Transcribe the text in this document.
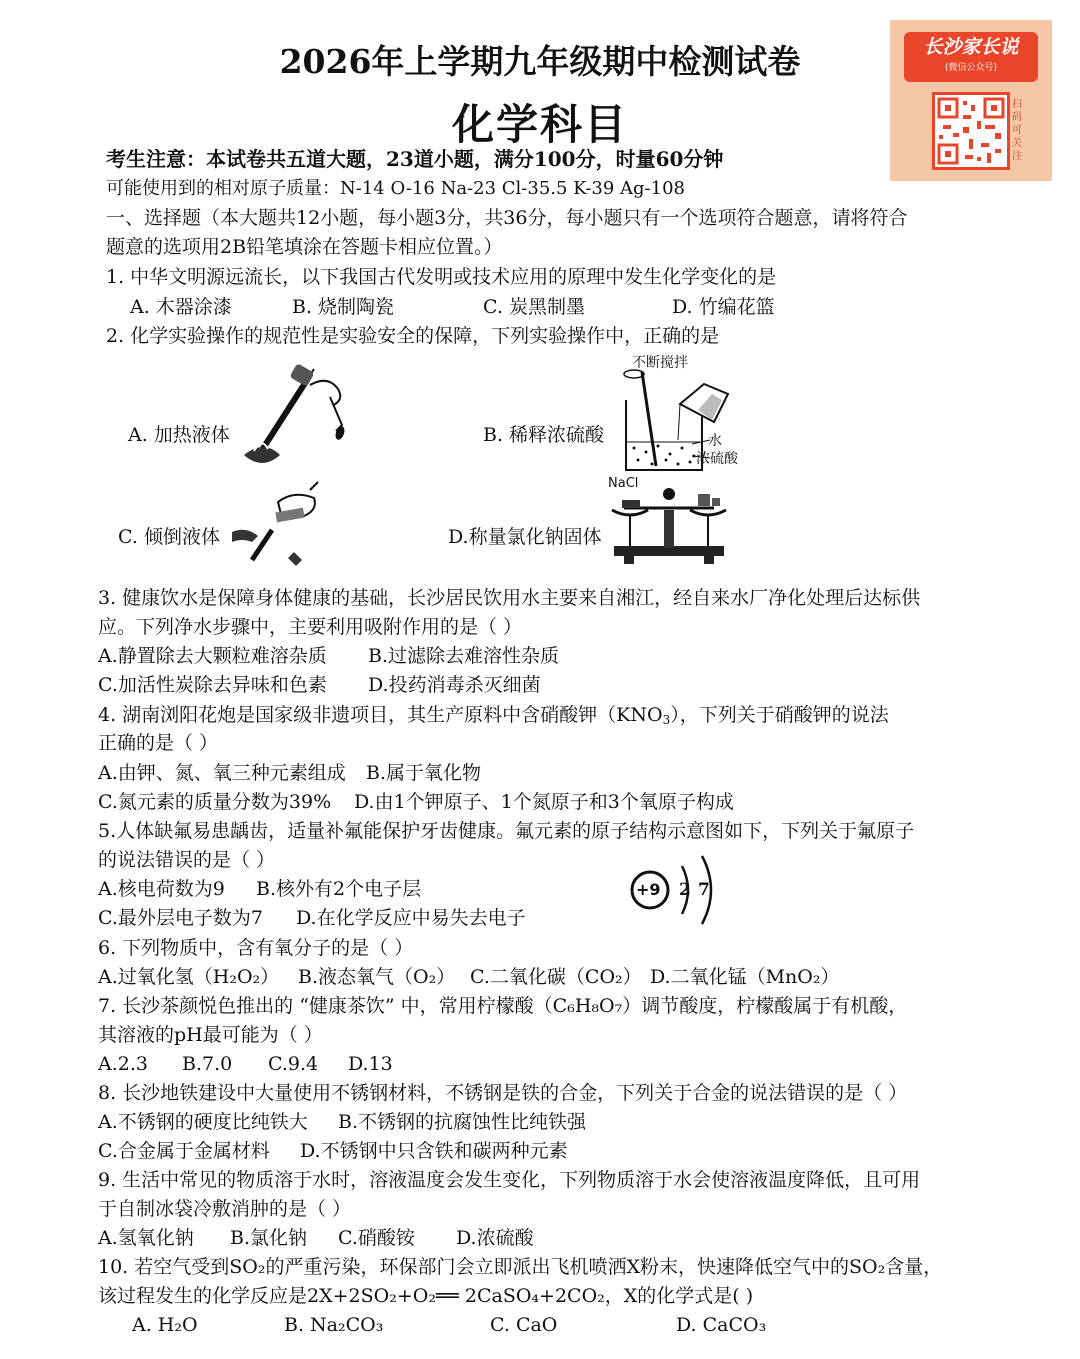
2026年上学期九年级期中检测试卷
化学科目
长沙家长说
(微信公众号)
扫码可关注
考生注意：本试卷共五道大题，23道小题，满分100分，时量60分钟
可能使用到的相对原子质量：N-14 O-16 Na-23 Cl-35.5 K-39 Ag-108
一、选择题（本大题共12小题，每小题3分，共36分，每小题只有一个选项符合题意，请将符合
题意的选项用2B铅笔填涂在答题卡相应位置。）
1. 中华文明源远流长，以下我国古代发明或技术应用的原理中发生化学变化的是
A. 木器涂漆	B. 烧制陶瓷	C. 炭黑制墨	D. 竹编花篮
2. 化学实验操作的规范性是实验安全的保障，下列实验操作中，正确的是
A. 加热液体	B. 稀释浓硫酸
不断搅拌
水
浓硫酸
C. 倾倒液体	D.称量氯化钠固体
NaCl
3. 健康饮水是保障身体健康的基础，长沙居民饮用水主要来自湘江，经自来水厂净化处理后达标供
应。下列净水步骤中，主要利用吸附作用的是（ ）
A.静置除去大颗粒难溶杂质 B.过滤除去难溶性杂质
C.加活性炭除去异味和色素 D.投药消毒杀灭细菌
4. 湖南浏阳花炮是国家级非遗项目，其生产原料中含硝酸钾$(KNO_3)$，下列关于硝酸钾的说法
正确的是（ ）
A.由钾、氮、氧三种元素组成 B.属于氧化物
C.氮元素的质量分数为39% D.由1个钾原子、1个氮原子和3个氧原子构成
5.人体缺氟易患龋齿，适量补氟能保护牙齿健康。氟元素的原子结构示意图如下，下列关于氟原子
的说法错误的是（ ）
A.核电荷数为9 B.核外有2个电子层
C.最外层电子数为7 D.在化学反应中易失去电子
+9 2 7
6. 下列物质中，含有氧分子的是（ ）
A.过氧化氢（H₂O₂） B.液态氧气（O₂） C.二氧化碳（CO₂） D.二氧化锰（MnO₂）
7. 长沙茶颜悦色推出的 “健康茶饮” 中，常用柠檬酸（C₆H₈O₇）调节酸度，柠檬酸属于有机酸，
其溶液的pH最可能为（ ）
A.2.3 B.7.0 C.9.4 D.13
8. 长沙地铁建设中大量使用不锈钢材料，不锈钢是铁的合金，下列关于合金的说法错误的是（ ）
A.不锈钢的硬度比纯铁大 B.不锈钢的抗腐蚀性比纯铁强
C.合金属于金属材料 D.不锈钢中只含铁和碳两种元素
9. 生活中常见的物质溶于水时，溶液温度会发生变化，下列物质溶于水会使溶液温度降低，且可用
于自制冰袋冷敷消肿的是（ ）
A.氢氧化钠 B.氯化钠 C.硝酸铵 D.浓硫酸
10. 若空气受到SO₂的严重污染，环保部门会立即派出飞机喷洒X粉末，快速降低空气中的SO₂含量，
该过程发生的化学反应是2X+2SO₂+O₂══ 2CaSO₄+2CO₂，X的化学式是( )
A. H₂O	B. Na₂CO₃	C. CaO	D. CaCO₃
